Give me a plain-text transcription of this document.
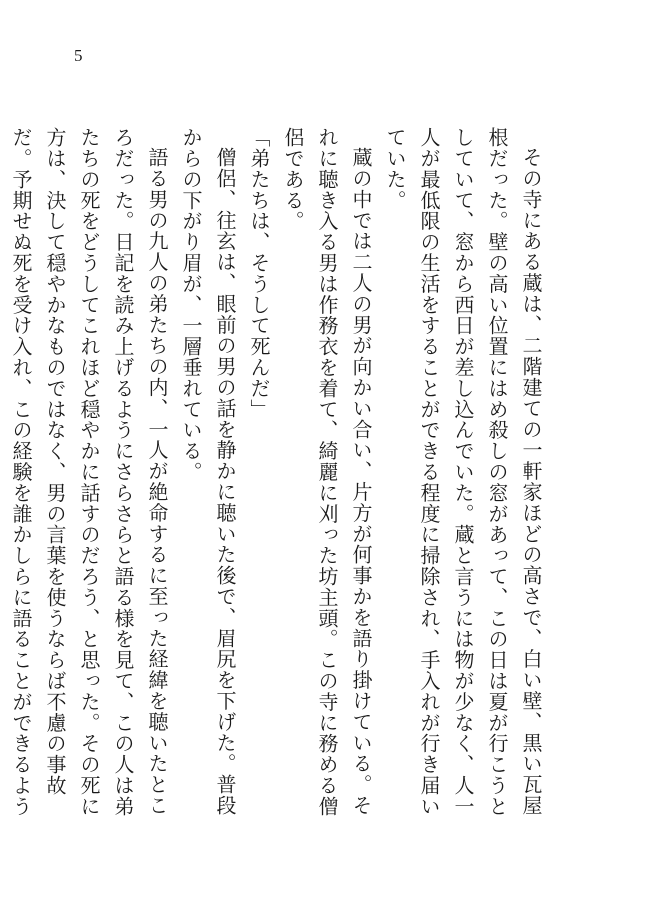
5

その寺にある蔵は、二階建ての一軒家ほどの高さで、白い壁、黒い瓦屋根だった。壁の高い位置にはめ殺しの窓があって、この日は夏が行こうとしていて、窓から西日が差し込んでいた。蔵と言うには物が少なく、人一人が最低限の生活をすることができる程度に掃除され、手入れが行き届いていた。

蔵の中では二人の男が向かい合い、片方が何事かを語り掛けている。それに聴き入る男は作務衣を着て、綺麗に刈った坊主頭。この寺に務める僧侶である。

「弟たちは、そうして死んだ」

僧侶、往玄は、眼前の男の話を静かに聴いた後で、眉尻を下げた。普段からの下がり眉が、一層垂れている。

語る男の九人の弟たちの内、一人が絶命するに至った経緯を聴いたところだった。日記を読み上げるようにさらさらと語る様を見て、この人は弟たちの死をどうしてこれほど穏やかに話すのだろう、と思った。その死に方は、決して穏やかなものではなく、男の言葉を使うならば不慮の事故だ。予期せぬ死を受け入れ、この経験を誰かしらに語ることができるよう
